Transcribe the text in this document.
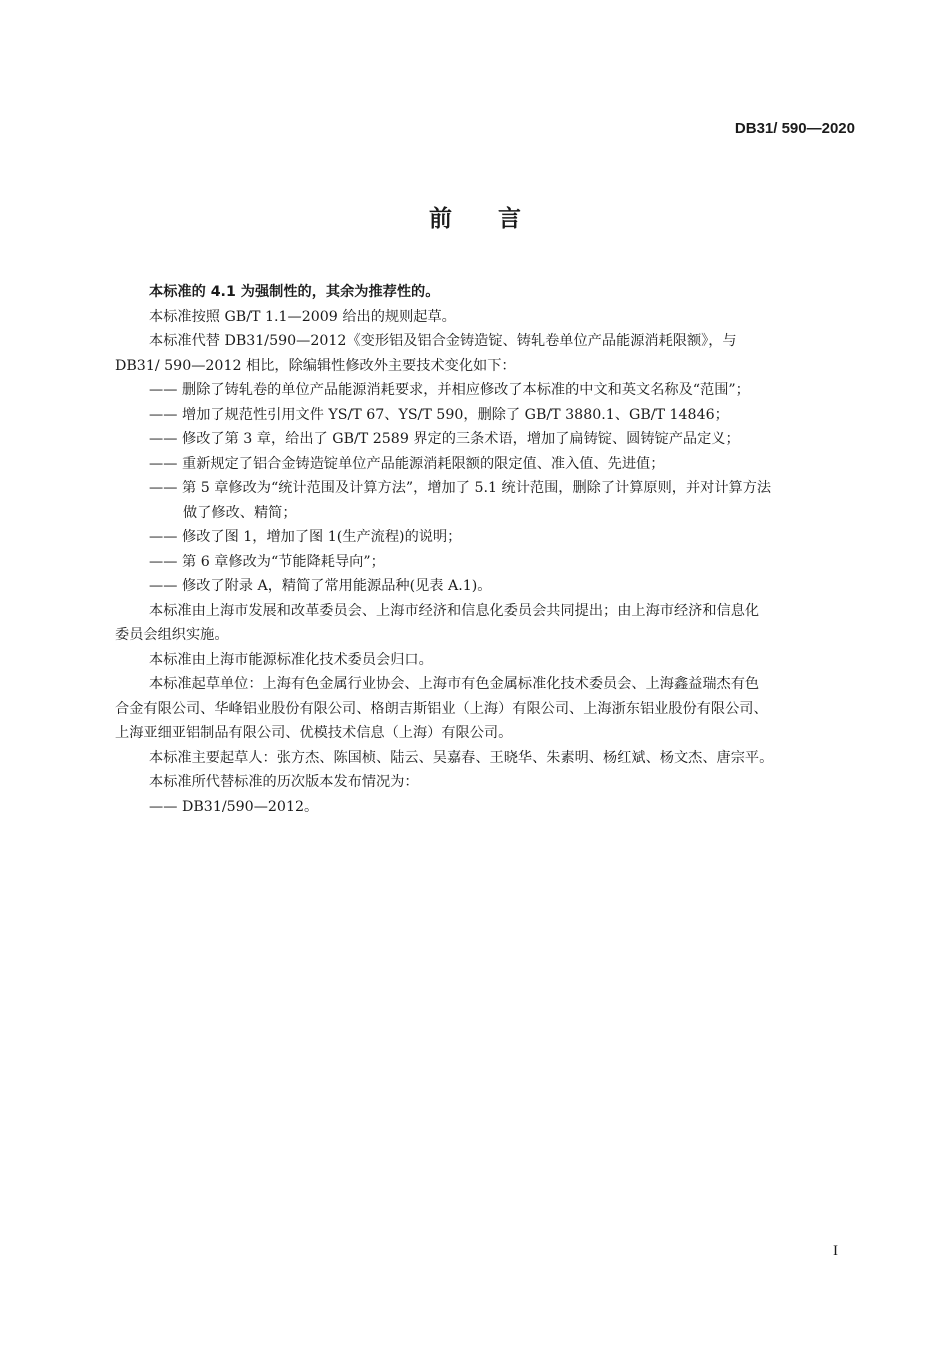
DB31/ 590—2020
前 言
本标准的 4.1 为强制性的，其余为推荐性的。
本标准按照 GB/T 1.1—2009 给出的规则起草。
本标准代替 DB31/590—2012《变形铝及铝合金铸造锭、铸轧卷单位产品能源消耗限额》，与
DB31/ 590—2012 相比，除编辑性修改外主要技术变化如下：
—— 删除了铸轧卷的单位产品能源消耗要求，并相应修改了本标准的中文和英文名称及“范围”；
—— 增加了规范性引用文件 YS/T 67、YS/T 590，删除了 GB/T 3880.1、GB/T 14846；
—— 修改了第 3 章，给出了 GB/T 2589 界定的三条术语，增加了扁铸锭、圆铸锭产品定义；
—— 重新规定了铝合金铸造锭单位产品能源消耗限额的限定值、准入值、先进值；
—— 第 5 章修改为“统计范围及计算方法”，增加了 5.1 统计范围，删除了计算原则，并对计算方法
做了修改、精简；
—— 修改了图 1，增加了图 1(生产流程)的说明；
—— 第 6 章修改为“节能降耗导向”；
—— 修改了附录 A，精简了常用能源品种(见表 A.1)。
本标准由上海市发展和改革委员会、上海市经济和信息化委员会共同提出；由上海市经济和信息化
委员会组织实施。
本标准由上海市能源标准化技术委员会归口。
本标准起草单位：上海有色金属行业协会、上海市有色金属标准化技术委员会、上海鑫益瑞杰有色
合金有限公司、华峰铝业股份有限公司、格朗吉斯铝业（上海）有限公司、上海浙东铝业股份有限公司、
上海亚细亚铝制品有限公司、优模技术信息（上海）有限公司。
本标准主要起草人：张方杰、陈国桢、陆云、吴嘉春、王晓华、朱素明、杨红斌、杨文杰、唐宗平。
本标准所代替标准的历次版本发布情况为：
—— DB31/590—2012。
I
